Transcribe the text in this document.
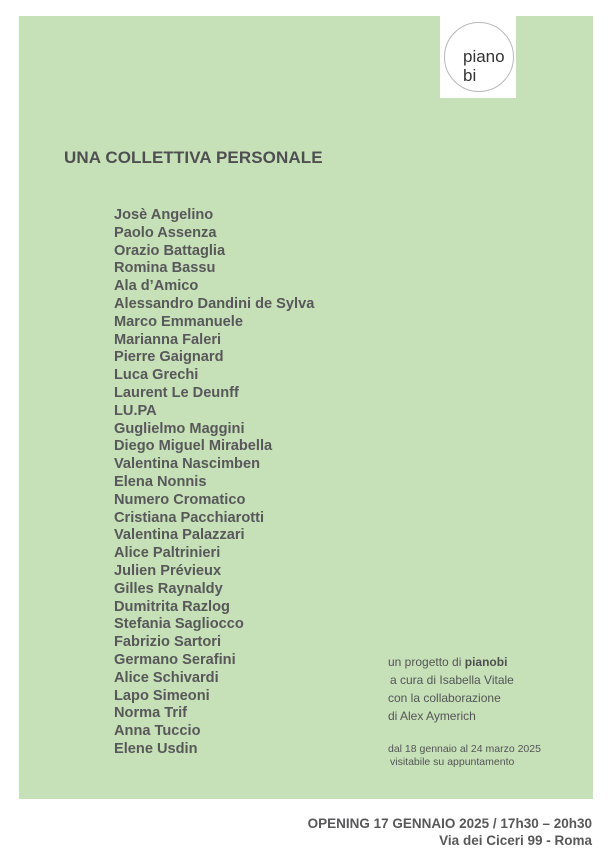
piano
bi
UNA COLLETTIVA PERSONALE
Josè Angelino
Paolo Assenza
Orazio Battaglia
Romina Bassu
Ala d’Amico
Alessandro Dandini de Sylva
Marco Emmanuele
Marianna Faleri
Pierre Gaignard
Luca Grechi
Laurent Le Deunff
LU.PA
Guglielmo Maggini
Diego Miguel Mirabella
Valentina Nascimben
Elena Nonnis
Numero Cromatico
Cristiana Pacchiarotti
Valentina Palazzari
Alice Paltrinieri
Julien Prévieux
Gilles Raynaldy
Dumitrita Razlog
Stefania Sagliocco
Fabrizio Sartori
Germano Serafini
Alice Schivardi
Lapo Simeoni
Norma Trif
Anna Tuccio
Elene Usdin
un progetto di pianobi
a cura di Isabella Vitale
con la collaborazione
di Alex Aymerich
dal 18 gennaio al 24 marzo 2025
visitabile su appuntamento
OPENING 17 GENNAIO 2025 / 17h30 – 20h30
Via dei Ciceri 99 - Roma
